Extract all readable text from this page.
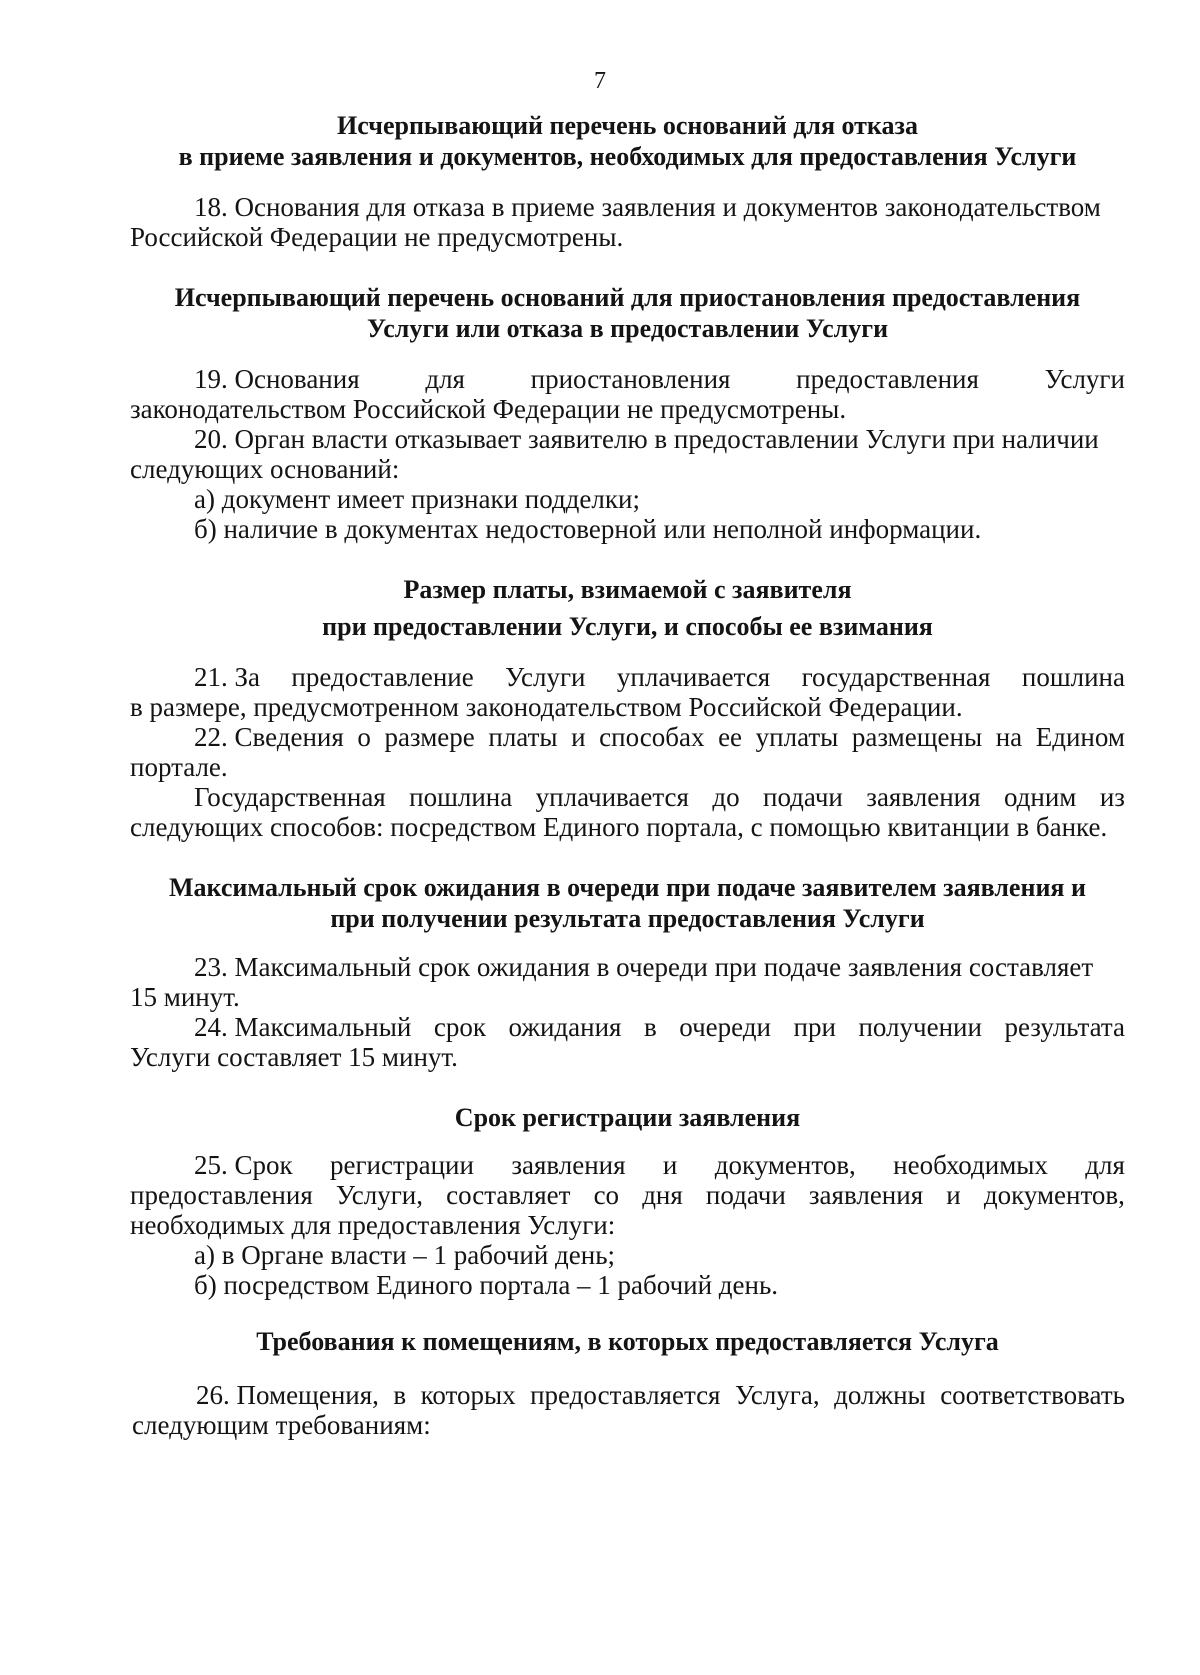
7
Исчерпывающий перечень оснований для отказа
в приеме заявления и документов, необходимых для предоставления Услуги
18. Основания для отказа в приеме заявления и документов законодательством
Российской Федерации не предусмотрены.
Исчерпывающий перечень оснований для приостановления предоставления
Услуги или отказа в предоставлении Услуги
19. Основания для приостановления предоставления Услуги
законодательством Российской Федерации не предусмотрены.
20. Орган власти отказывает заявителю в предоставлении Услуги при наличии
следующих оснований:
а) документ имеет признаки подделки;
б) наличие в документах недостоверной или неполной информации.
Размер платы, взимаемой с заявителя
при предоставлении Услуги, и способы ее взимания
21. За предоставление Услуги уплачивается государственная пошлина
в размере, предусмотренном законодательством Российской Федерации.
22. Сведения о размере платы и способах ее уплаты размещены на Едином
портале.
Государственная пошлина уплачивается до подачи заявления одним из
следующих способов: посредством Единого портала, с помощью квитанции в банке.
Максимальный срок ожидания в очереди при подаче заявителем заявления и
при получении результата предоставления Услуги
23. Максимальный срок ожидания в очереди при подаче заявления составляет
15 минут.
24. Максимальный срок ожидания в очереди при получении результата
Услуги составляет 15 минут.
Срок регистрации заявления
25. Срок регистрации заявления и документов, необходимых для
предоставления Услуги, составляет со дня подачи заявления и документов,
необходимых для предоставления Услуги:
а) в Органе власти – 1 рабочий день;
б) посредством Единого портала – 1 рабочий день.
Требования к помещениям, в которых предоставляется Услуга
26. Помещения, в которых предоставляется Услуга, должны соответствовать
следующим требованиям:
